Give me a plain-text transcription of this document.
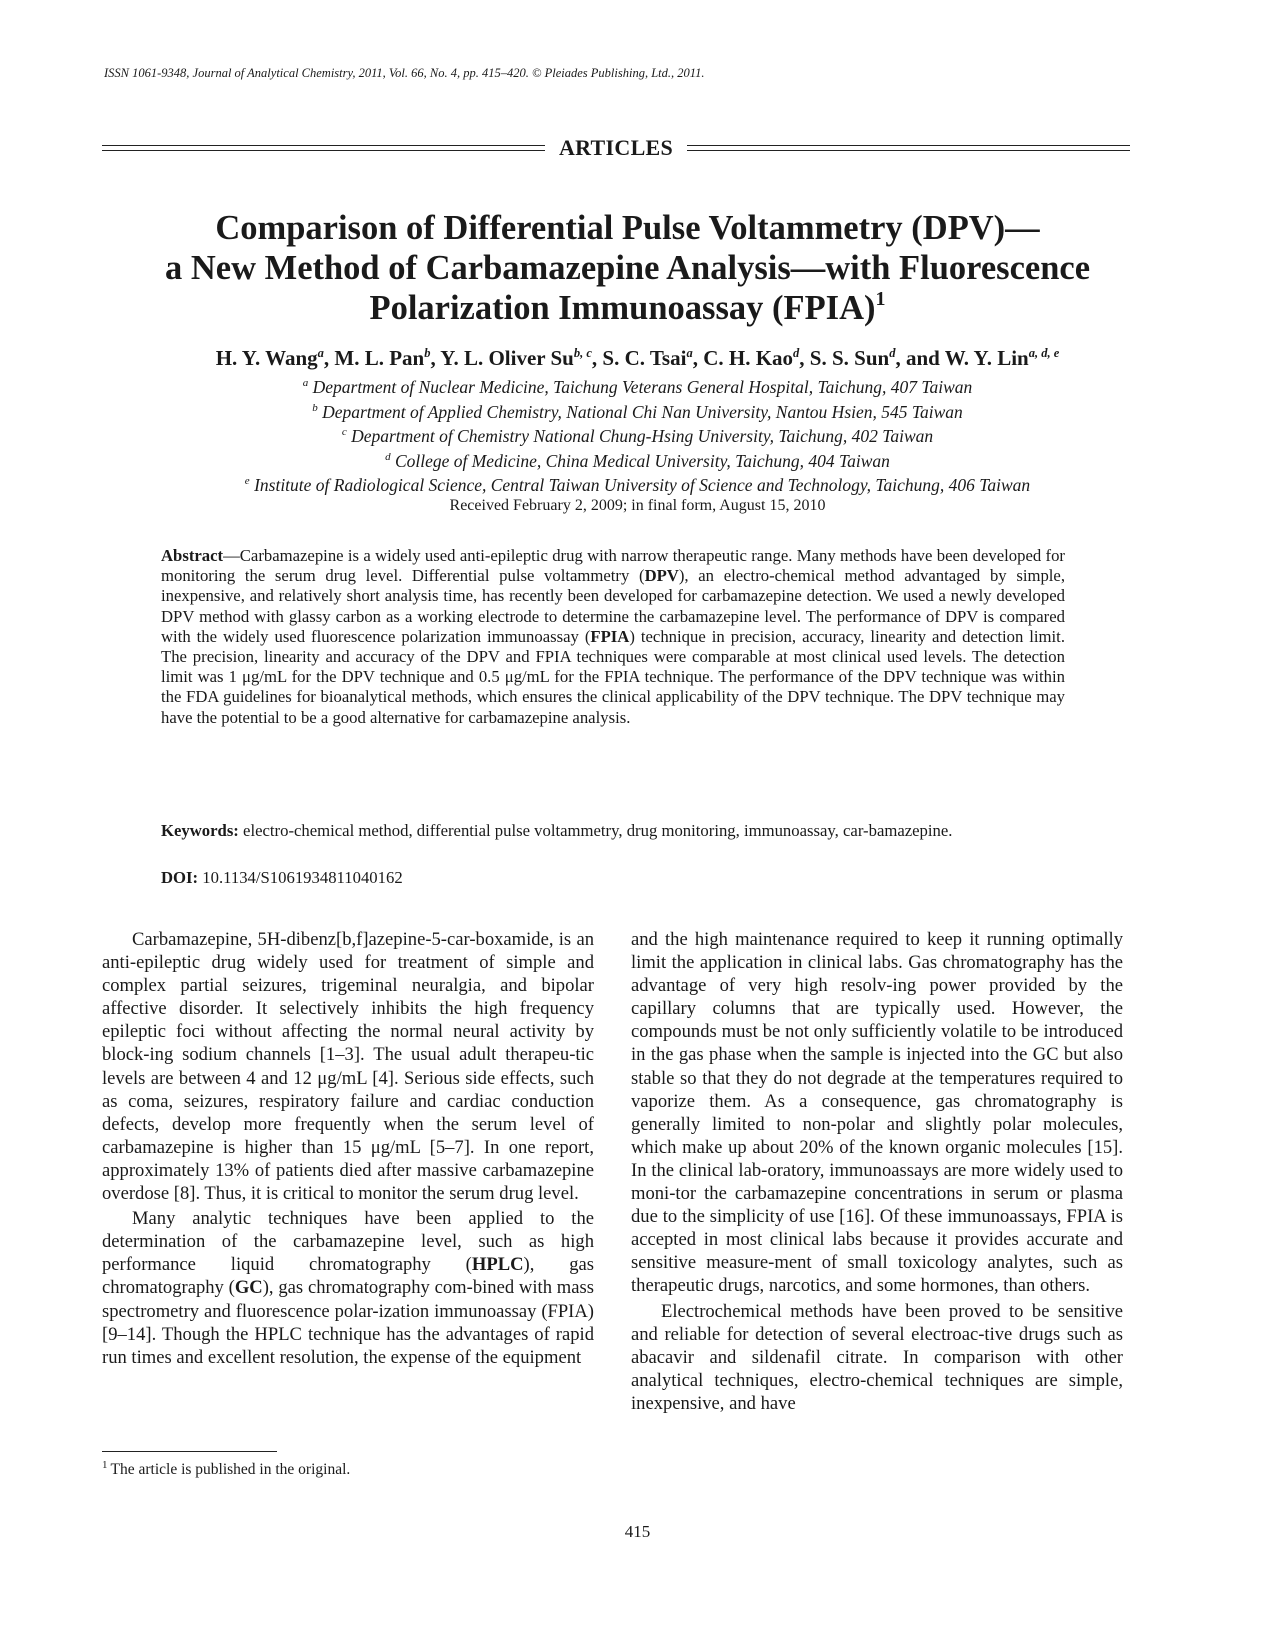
ISSN 1061-9348, Journal of Analytical Chemistry, 2011, Vol. 66, No. 4, pp. 415–420. © Pleiades Publishing, Ltd., 2011.
ARTICLES
Comparison of Differential Pulse Voltammetry (DPV)—
a New Method of Carbamazepine Analysis—with Fluorescence
Polarization Immunoassay (FPIA)$^1$
H. Y. Wang$^a$, M. L. Pan$^b$, Y. L. Oliver Su$^{b, c}$, S. C. Tsai$^a$, C. H. Kao$^d$, S. S. Sun$^d$, and W. Y. Lin$^{a, d, e}$
$^a$ Department of Nuclear Medicine, Taichung Veterans General Hospital, Taichung, 407 Taiwan
$^b$ Department of Applied Chemistry, National Chi Nan University, Nantou Hsien, 545 Taiwan
$^c$ Department of Chemistry National Chung-Hsing University, Taichung, 402 Taiwan
$^d$ College of Medicine, China Medical University, Taichung, 404 Taiwan
$^e$ Institute of Radiological Science, Central Taiwan University of Science and Technology, Taichung, 406 Taiwan
Received February 2, 2009; in final form, August 15, 2010
Abstract—Carbamazepine is a widely used anti-epileptic drug with narrow therapeutic range. Many methods have been developed for monitoring the serum drug level. Differential pulse voltammetry (DPV), an electro-chemical method advantaged by simple, inexpensive, and relatively short analysis time, has recently been developed for carbamazepine detection. We used a newly developed DPV method with glassy carbon as a working electrode to determine the carbamazepine level. The performance of DPV is compared with the widely used fluorescence polarization immunoassay (FPIA) technique in precision, accuracy, linearity and detection limit. The precision, linearity and accuracy of the DPV and FPIA techniques were comparable at most clinical used levels. The detection limit was 1 μg/mL for the DPV technique and 0.5 μg/mL for the FPIA technique. The performance of the DPV technique was within the FDA guidelines for bioanalytical methods, which ensures the clinical applicability of the DPV technique. The DPV technique may have the potential to be a good alternative for carbamazepine analysis.
Keywords: electro-chemical method, differential pulse voltammetry, drug monitoring, immunoassay, car-bamazepine.
DOI: 10.1134/S1061934811040162

Carbamazepine, 5H-dibenz[b,f]azepine-5-car-boxamide, is an anti-epileptic drug widely used for treatment of simple and complex partial seizures, trigeminal neuralgia, and bipolar affective disorder. It selectively inhibits the high frequency epileptic foci without affecting the normal neural activity by block-ing sodium channels [1–3]. The usual adult therapeu-tic levels are between 4 and 12 μg/mL [4]. Serious side effects, such as coma, seizures, respiratory failure and cardiac conduction defects, develop more frequently when the serum level of carbamazepine is higher than 15 μg/mL [5–7]. In one report, approximately 13% of patients died after massive carbamazepine overdose [8]. Thus, it is critical to monitor the serum drug level.

Many analytic techniques have been applied to the determination of the carbamazepine level, such as high performance liquid chromatography (HPLC), gas chromatography (GC), gas chromatography com-bined with mass spectrometry and fluorescence polar-ization immunoassay (FPIA) [9–14]. Though the HPLC technique has the advantages of rapid run times and excellent resolution, the expense of the equipment

and the high maintenance required to keep it running optimally limit the application in clinical labs. Gas chromatography has the advantage of very high resolv-ing power provided by the capillary columns that are typically used. However, the compounds must be not only sufficiently volatile to be introduced in the gas phase when the sample is injected into the GC but also stable so that they do not degrade at the temperatures required to vaporize them. As a consequence, gas chromatography is generally limited to non-polar and slightly polar molecules, which make up about 20% of the known organic molecules [15]. In the clinical lab-oratory, immunoassays are more widely used to moni-tor the carbamazepine concentrations in serum or plasma due to the simplicity of use [16]. Of these immunoassays, FPIA is accepted in most clinical labs because it provides accurate and sensitive measure-ment of small toxicology analytes, such as therapeutic drugs, narcotics, and some hormones, than others.

Electrochemical methods have been proved to be sensitive and reliable for detection of several electroac-tive drugs such as abacavir and sildenafil citrate. In comparison with other analytical techniques, electro-chemical techniques are simple, inexpensive, and have

$^1$ The article is published in the original.
415
